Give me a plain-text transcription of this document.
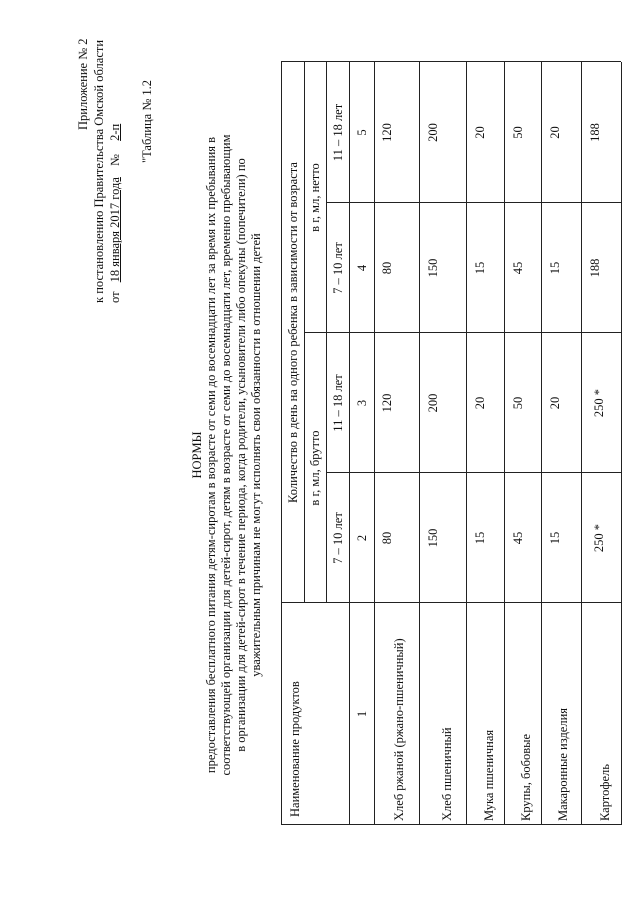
Приложение № 2 к постановлению Правительства Омской области от 18 января 2017 года № 2-п "Таблица № 1.2
НОРМЫ предоставления бесплатного питания детям-сиротам в возрасте от семи до восемнадцати лет за время их пребывания в соответствующей организации для детей-сирот, детям в возрасте от семи до восемнадцати лет, временно пребывающим в организации для детей-сирот в течение периода, когда родители, усыновители либо опекуны (попечители) по уважительным причинам не могут исполнять свои обязанности в отношении детей
Наименование продуктов
Количество в день на одного ребенка в зависимости от возраста в г, мл, брутто
в г, мл, нетто
7 – 10 лет
11 – 18 лет
7 – 10 лет
11 – 18 лет
1
2
3
4
5
Хлеб ржаной (ржано-пшеничный)
80
120
80
120
Хлеб пшеничный
150
200
150
200
Мука пшеничная
15
20
15
20
Крупы, бобовые
45
50
45
50
Макаронные изделия
15
20
15
20
Картофель
250 *
250 *
188
188
